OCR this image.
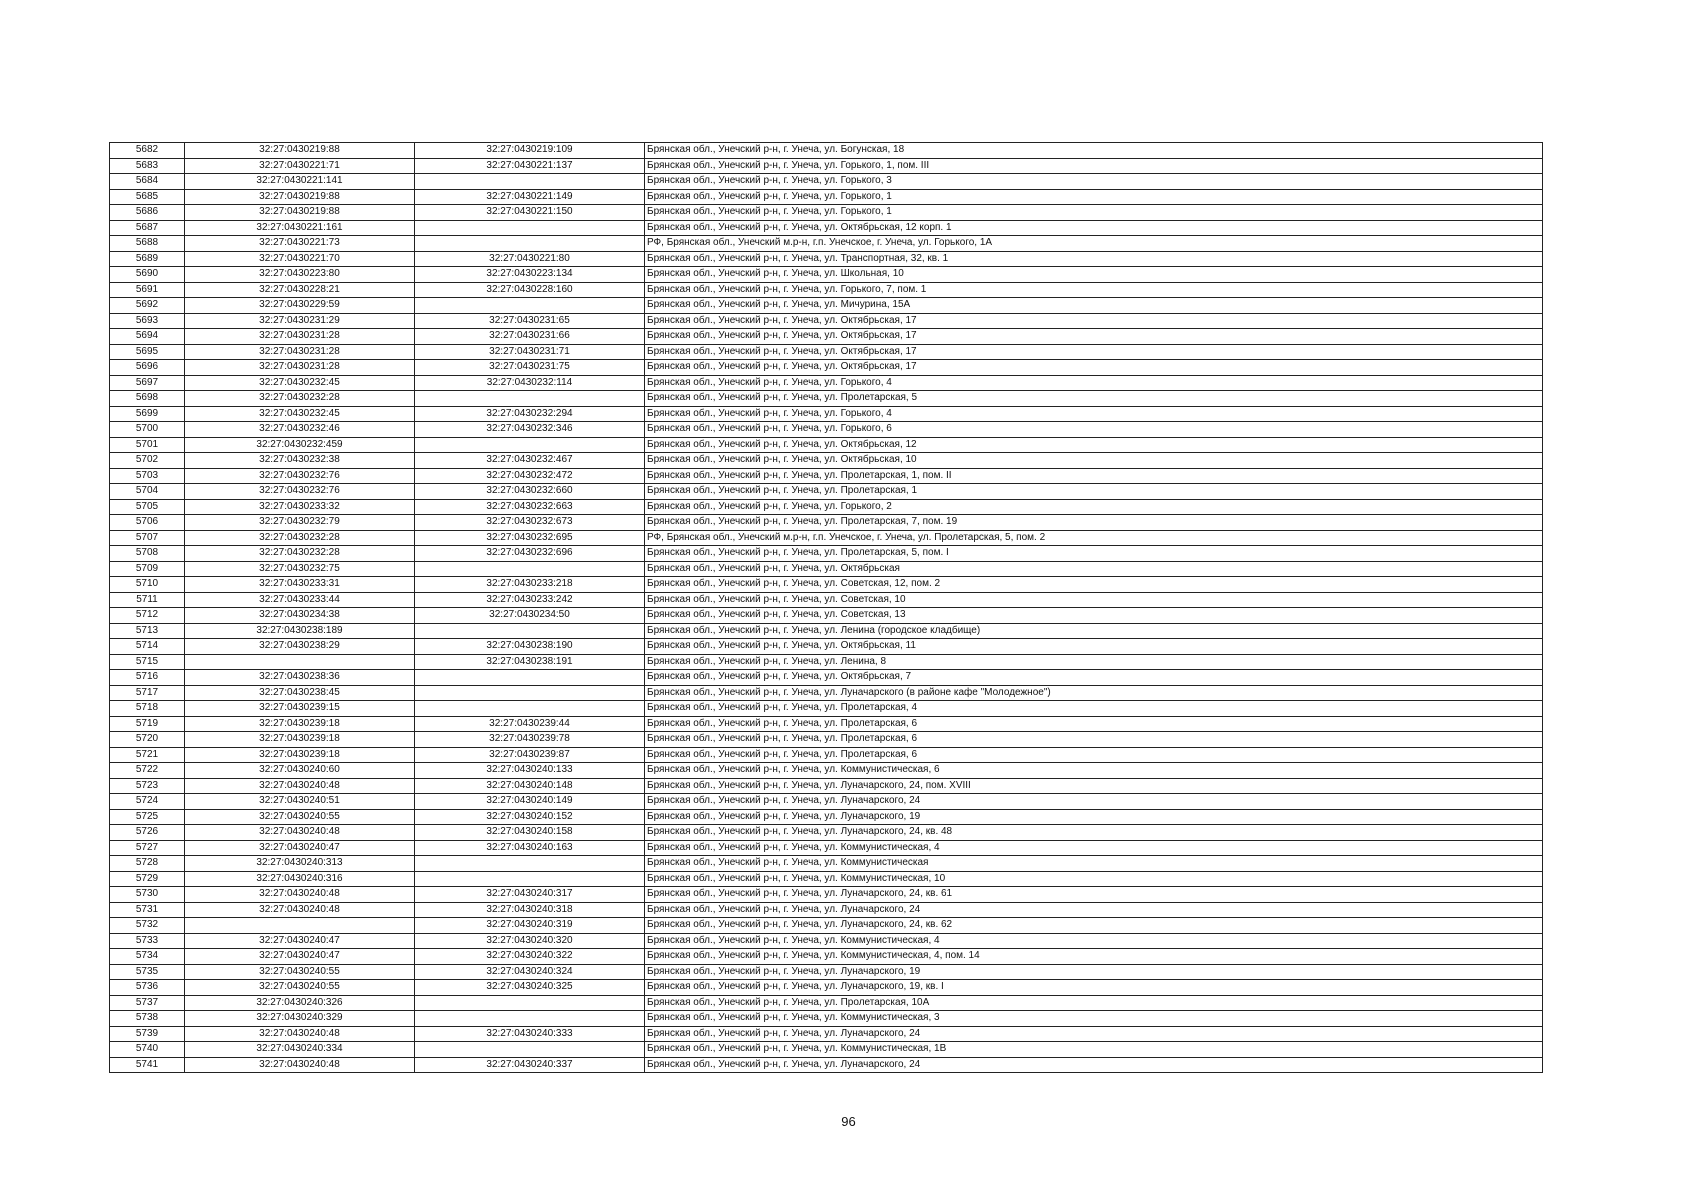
5682	32:27:0430219:88	32:27:0430219:109	Брянская обл., Унечский р-н, г. Унеча, ул. Богунская, 18
5683	32:27:0430221:71	32:27:0430221:137	Брянская обл., Унечский р-н, г. Унеча, ул. Горького, 1, пом. III
5684	32:27:0430221:141		Брянская обл., Унечский р-н, г. Унеча, ул. Горького, 3
5685	32:27:0430219:88	32:27:0430221:149	Брянская обл., Унечский р-н, г. Унеча, ул. Горького, 1
5686	32:27:0430219:88	32:27:0430221:150	Брянская обл., Унечский р-н, г. Унеча, ул. Горького, 1
5687	32:27:0430221:161		Брянская обл., Унечский р-н, г. Унеча, ул. Октябрьская, 12 корп. 1
5688	32:27:0430221:73		РФ, Брянская обл., Унечский м.р-н, г.п. Унечское, г. Унеча, ул. Горького, 1А
5689	32:27:0430221:70	32:27:0430221:80	Брянская обл., Унечский р-н, г. Унеча, ул. Транспортная, 32, кв. 1
5690	32:27:0430223:80	32:27:0430223:134	Брянская обл., Унечский р-н, г. Унеча, ул. Школьная, 10
5691	32:27:0430228:21	32:27:0430228:160	Брянская обл., Унечский р-н, г. Унеча, ул. Горького, 7, пом. 1
5692	32:27:0430229:59		Брянская обл., Унечский р-н, г. Унеча, ул. Мичурина, 15А
5693	32:27:0430231:29	32:27:0430231:65	Брянская обл., Унечский р-н, г. Унеча, ул. Октябрьская, 17
5694	32:27:0430231:28	32:27:0430231:66	Брянская обл., Унечский р-н, г. Унеча, ул. Октябрьская, 17
5695	32:27:0430231:28	32:27:0430231:71	Брянская обл., Унечский р-н, г. Унеча, ул. Октябрьская, 17
5696	32:27:0430231:28	32:27:0430231:75	Брянская обл., Унечский р-н, г. Унеча, ул. Октябрьская, 17
5697	32:27:0430232:45	32:27:0430232:114	Брянская обл., Унечский р-н, г. Унеча, ул. Горького, 4
5698	32:27:0430232:28		Брянская обл., Унечский р-н, г. Унеча, ул. Пролетарская, 5
5699	32:27:0430232:45	32:27:0430232:294	Брянская обл., Унечский р-н, г. Унеча, ул. Горького, 4
5700	32:27:0430232:46	32:27:0430232:346	Брянская обл., Унечский р-н, г. Унеча, ул. Горького, 6
5701	32:27:0430232:459		Брянская обл., Унечский р-н, г. Унеча, ул. Октябрьская, 12
5702	32:27:0430232:38	32:27:0430232:467	Брянская обл., Унечский р-н, г. Унеча, ул. Октябрьская, 10
5703	32:27:0430232:76	32:27:0430232:472	Брянская обл., Унечский р-н, г. Унеча, ул. Пролетарская, 1, пом. II
5704	32:27:0430232:76	32:27:0430232:660	Брянская обл., Унечский р-н, г. Унеча, ул. Пролетарская, 1
5705	32:27:0430233:32	32:27:0430232:663	Брянская обл., Унечский р-н, г. Унеча, ул. Горького, 2
5706	32:27:0430232:79	32:27:0430232:673	Брянская обл., Унечский р-н, г. Унеча, ул. Пролетарская, 7, пом. 19
5707	32:27:0430232:28	32:27:0430232:695	РФ, Брянская обл., Унечский м.р-н, г.п. Унечское, г. Унеча, ул. Пролетарская, 5, пом. 2
5708	32:27:0430232:28	32:27:0430232:696	Брянская обл., Унечский р-н, г. Унеча, ул. Пролетарская, 5, пом. I
5709	32:27:0430232:75		Брянская обл., Унечский р-н, г. Унеча, ул. Октябрьская
5710	32:27:0430233:31	32:27:0430233:218	Брянская обл., Унечский р-н, г. Унеча, ул. Советская, 12, пом. 2
5711	32:27:0430233:44	32:27:0430233:242	Брянская обл., Унечский р-н, г. Унеча, ул. Советская, 10
5712	32:27:0430234:38	32:27:0430234:50	Брянская обл., Унечский р-н, г. Унеча, ул. Советская, 13
5713	32:27:0430238:189		Брянская обл., Унечский р-н, г. Унеча, ул. Ленина (городское кладбище)
5714	32:27:0430238:29	32:27:0430238:190	Брянская обл., Унечский р-н, г. Унеча, ул. Октябрьская, 11
5715		32:27:0430238:191	Брянская обл., Унечский р-н, г. Унеча, ул. Ленина, 8
5716	32:27:0430238:36		Брянская обл., Унечский р-н, г. Унеча, ул. Октябрьская, 7
5717	32:27:0430238:45		Брянская обл., Унечский р-н, г. Унеча, ул. Луначарского (в районе кафе "Молодежное")
5718	32:27:0430239:15		Брянская обл., Унечский р-н, г. Унеча, ул. Пролетарская, 4
5719	32:27:0430239:18	32:27:0430239:44	Брянская обл., Унечский р-н, г. Унеча, ул. Пролетарская, 6
5720	32:27:0430239:18	32:27:0430239:78	Брянская обл., Унечский р-н, г. Унеча, ул. Пролетарская, 6
5721	32:27:0430239:18	32:27:0430239:87	Брянская обл., Унечский р-н, г. Унеча, ул. Пролетарская, 6
5722	32:27:0430240:60	32:27:0430240:133	Брянская обл., Унечский р-н, г. Унеча, ул. Коммунистическая, 6
5723	32:27:0430240:48	32:27:0430240:148	Брянская обл., Унечский р-н, г. Унеча, ул. Луначарского, 24, пом. XVIII
5724	32:27:0430240:51	32:27:0430240:149	Брянская обл., Унечский р-н, г. Унеча, ул. Луначарского, 24
5725	32:27:0430240:55	32:27:0430240:152	Брянская обл., Унечский р-н, г. Унеча, ул. Луначарского, 19
5726	32:27:0430240:48	32:27:0430240:158	Брянская обл., Унечский р-н, г. Унеча, ул. Луначарского, 24, кв. 48
5727	32:27:0430240:47	32:27:0430240:163	Брянская обл., Унечский р-н, г. Унеча, ул. Коммунистическая, 4
5728	32:27:0430240:313		Брянская обл., Унечский р-н, г. Унеча, ул. Коммунистическая
5729	32:27:0430240:316		Брянская обл., Унечский р-н, г. Унеча, ул. Коммунистическая, 10
5730	32:27:0430240:48	32:27:0430240:317	Брянская обл., Унечский р-н, г. Унеча, ул. Луначарского, 24, кв. 61
5731	32:27:0430240:48	32:27:0430240:318	Брянская обл., Унечский р-н, г. Унеча, ул. Луначарского, 24
5732		32:27:0430240:319	Брянская обл., Унечский р-н, г. Унеча, ул. Луначарского, 24, кв. 62
5733	32:27:0430240:47	32:27:0430240:320	Брянская обл., Унечский р-н, г. Унеча, ул. Коммунистическая, 4
5734	32:27:0430240:47	32:27:0430240:322	Брянская обл., Унечский р-н, г. Унеча, ул. Коммунистическая, 4, пом. 14
5735	32:27:0430240:55	32:27:0430240:324	Брянская обл., Унечский р-н, г. Унеча, ул. Луначарского, 19
5736	32:27:0430240:55	32:27:0430240:325	Брянская обл., Унечский р-н, г. Унеча, ул. Луначарского, 19, кв. I
5737	32:27:0430240:326		Брянская обл., Унечский р-н, г. Унеча, ул. Пролетарская, 10А
5738	32:27:0430240:329		Брянская обл., Унечский р-н, г. Унеча, ул. Коммунистическая, 3
5739	32:27:0430240:48	32:27:0430240:333	Брянская обл., Унечский р-н, г. Унеча, ул. Луначарского, 24
5740	32:27:0430240:334		Брянская обл., Унечский р-н, г. Унеча, ул. Коммунистическая, 1В
5741	32:27:0430240:48	32:27:0430240:337	Брянская обл., Унечский р-н, г. Унеча, ул. Луначарского, 24
96
